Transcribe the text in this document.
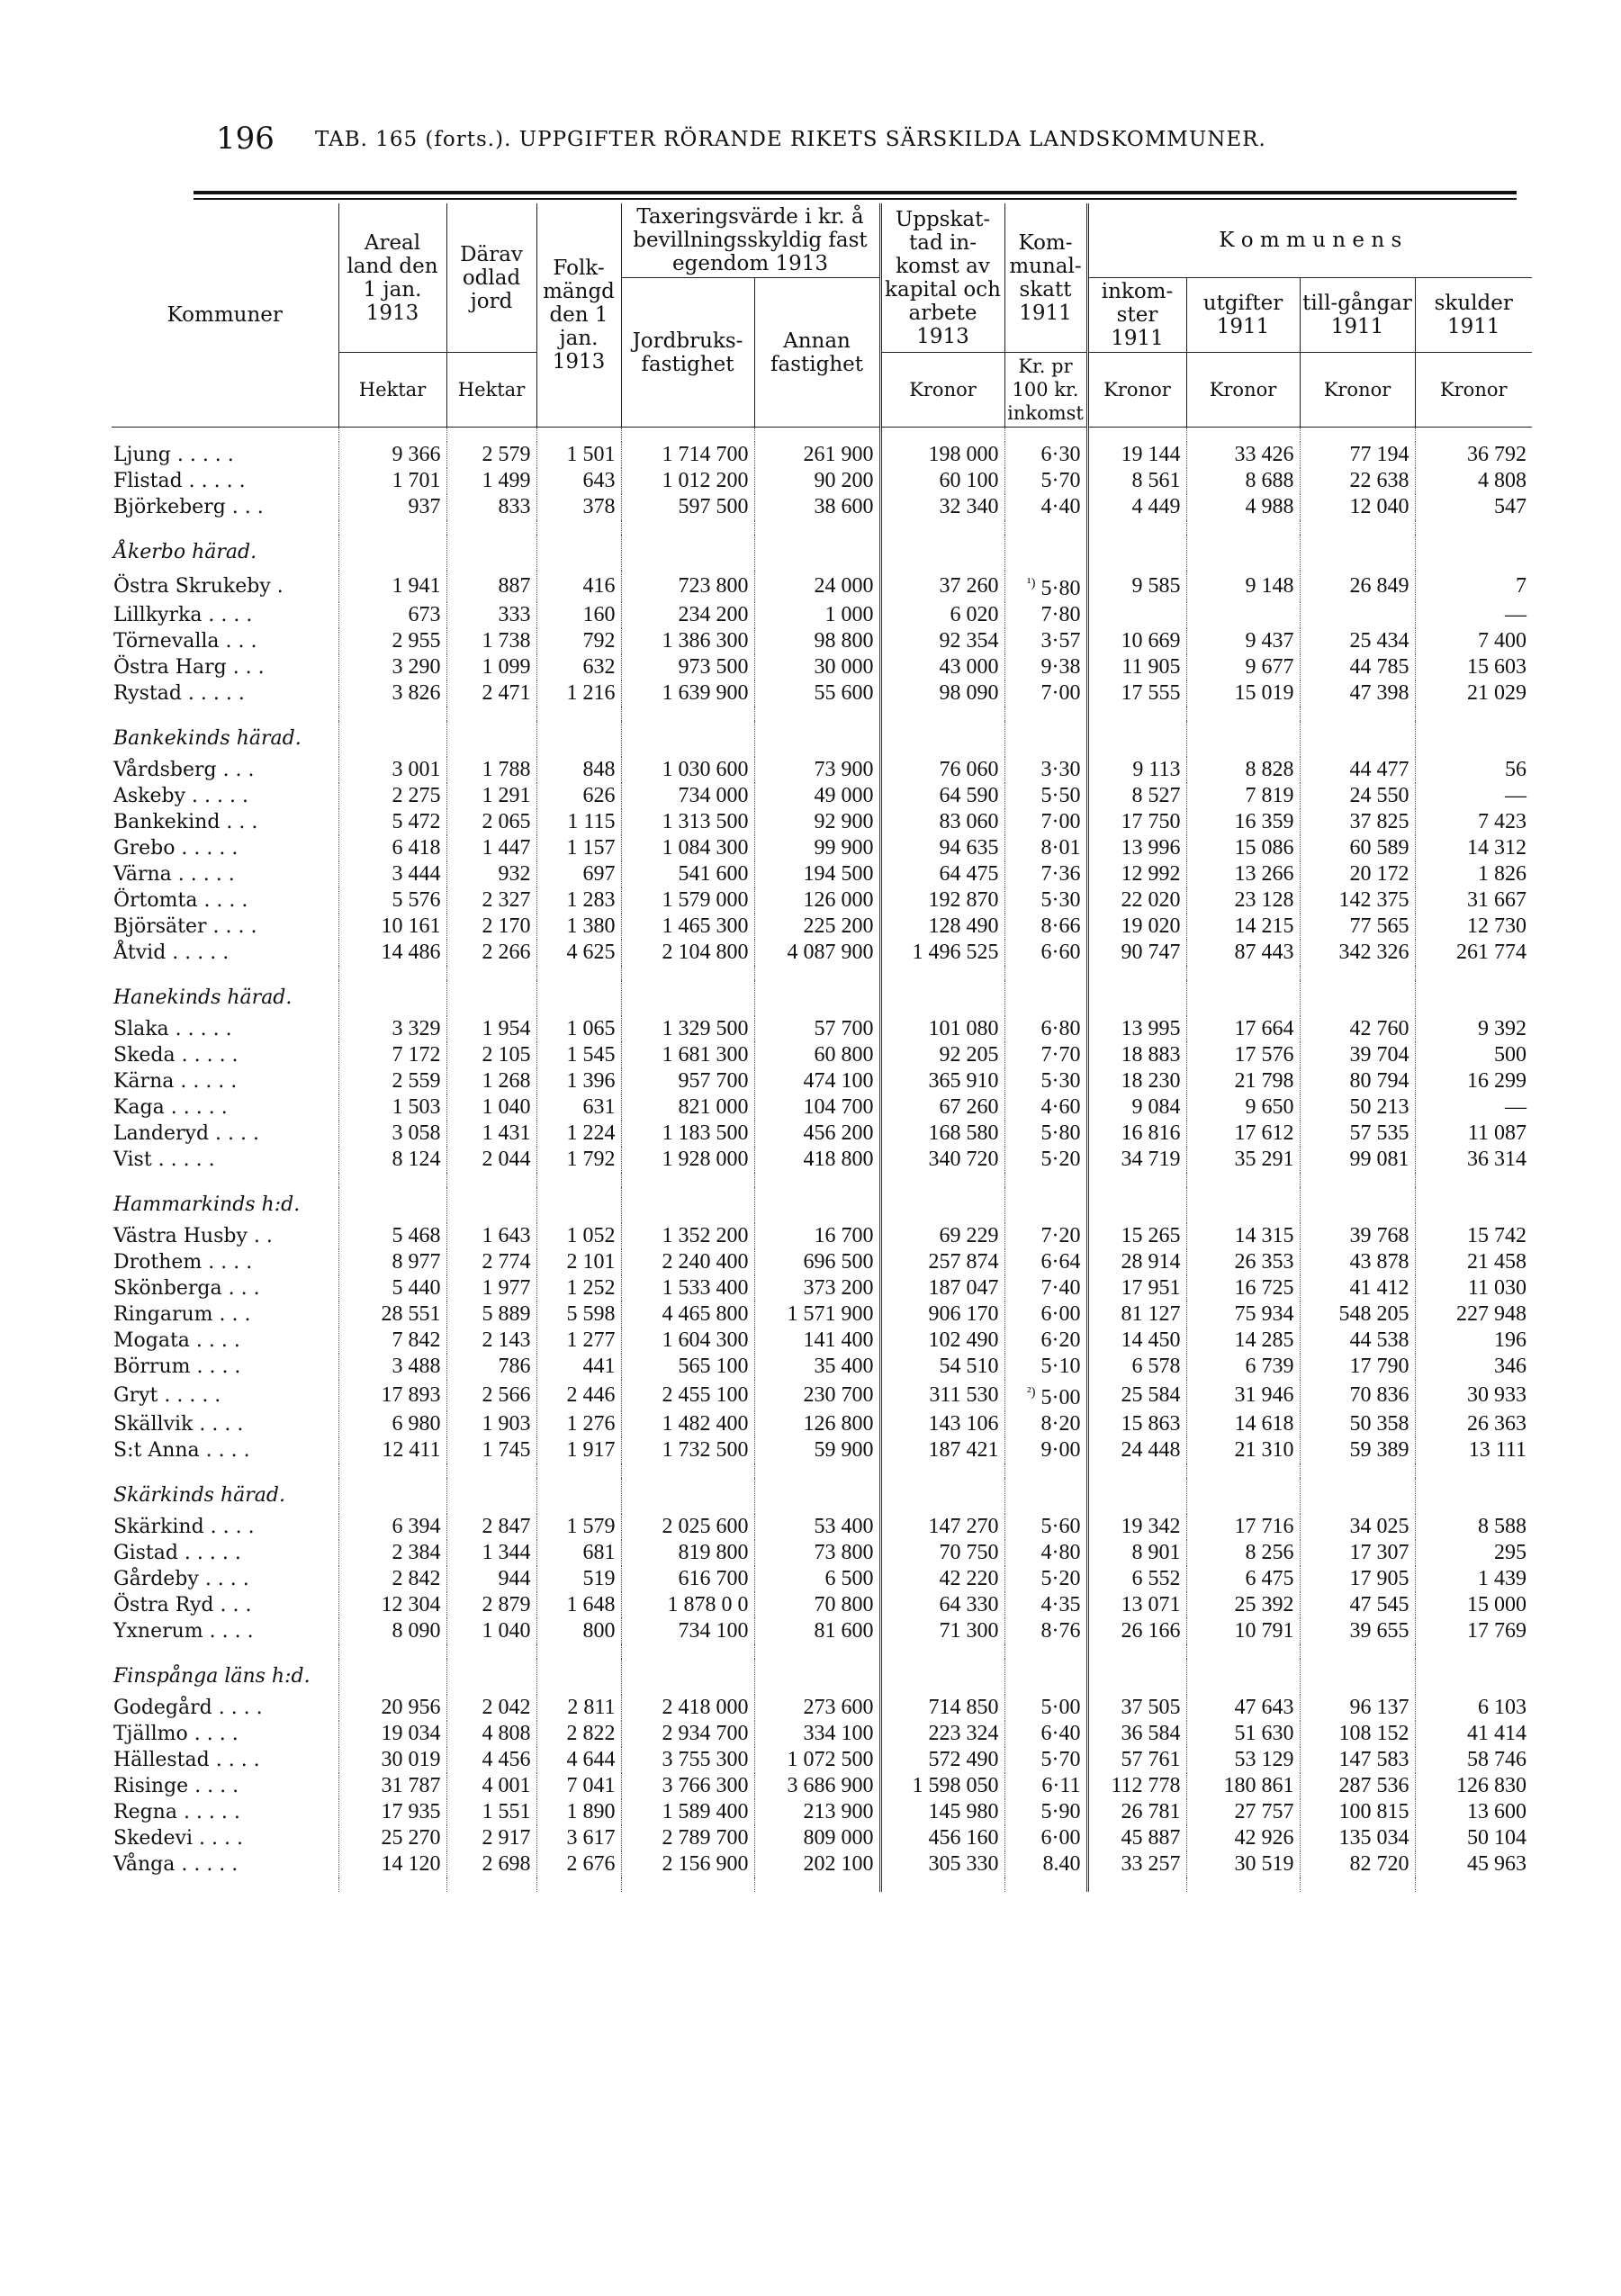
196 TAB. 165 (forts.). UPPGIFTER RÖRANDE RIKETS SÄRSKILDA LANDSKOMMUNER.
Kommuner	Areal land den 1 jan. 1913	Därav odlad jord	Folk-mängd den 1 jan. 1913	Taxeringsvärde i kr. å bevillningsskyldig fast egendom 1913		Uppskat-tad in-komst av kapital och arbete 1913	Kom-munal-skatt 1911	K o m m u n e n s			
				Jordbruks-fastighet	Annan fastighet			inkom-ster 1911	utgifter 1911	till-gångar 1911	skulder 1911
	Hektar	Hektar				Kronor	Kr. pr 100 kr. inkomst	Kronor	Kronor	Kronor	Kronor

Ljung . . . . .	9 366	2 579	1 501	1 714 700	261 900	198 000	6·30	19 144	33 426	77 194	36 792
Flistad . . . . .	1 701	1 499	643	1 012 200	90 200	60 100	5·70	8 561	8 688	22 638	4 808
Björkeberg . . .	937	833	378	597 500	38 600	32 340	4·40	4 449	4 988	12 040	547

Åkerbo härad.											
Östra Skrukeby .	1 941	887	416	723 800	24 000	37 260	$^{^1)}$ 5·80	9 585	9 148	26 849	7
Lillkyrka . . . .	673	333	160	234 200	1 000	6 020	7·80				—
Törnevalla . . .	2 955	1 738	792	1 386 300	98 800	92 354	3·57	10 669	9 437	25 434	7 400
Östra Harg . . .	3 290	1 099	632	973 500	30 000	43 000	9·38	11 905	9 677	44 785	15 603
Rystad . . . . .	3 826	2 471	1 216	1 639 900	55 600	98 090	7·00	17 555	15 019	47 398	21 029

Bankekinds härad.											
Vårdsberg . . .	3 001	1 788	848	1 030 600	73 900	76 060	3·30	9 113	8 828	44 477	56
Askeby . . . . .	2 275	1 291	626	734 000	49 000	64 590	5·50	8 527	7 819	24 550	—
Bankekind . . .	5 472	2 065	1 115	1 313 500	92 900	83 060	7·00	17 750	16 359	37 825	7 423
Grebo . . . . .	6 418	1 447	1 157	1 084 300	99 900	94 635	8·01	13 996	15 086	60 589	14 312
Värna . . . . .	3 444	932	697	541 600	194 500	64 475	7·36	12 992	13 266	20 172	1 826
Örtomta . . . .	5 576	2 327	1 283	1 579 000	126 000	192 870	5·30	22 020	23 128	142 375	31 667
Björsäter . . . .	10 161	2 170	1 380	1 465 300	225 200	128 490	8·66	19 020	14 215	77 565	12 730
Åtvid . . . . .	14 486	2 266	4 625	2 104 800	4 087 900	1 496 525	6·60	90 747	87 443	342 326	261 774

Hanekinds härad.											
Slaka . . . . .	3 329	1 954	1 065	1 329 500	57 700	101 080	6·80	13 995	17 664	42 760	9 392
Skeda . . . . .	7 172	2 105	1 545	1 681 300	60 800	92 205	7·70	18 883	17 576	39 704	500
Kärna . . . . .	2 559	1 268	1 396	957 700	474 100	365 910	5·30	18 230	21 798	80 794	16 299
Kaga . . . . .	1 503	1 040	631	821 000	104 700	67 260	4·60	9 084	9 650	50 213	—
Landeryd . . . .	3 058	1 431	1 224	1 183 500	456 200	168 580	5·80	16 816	17 612	57 535	11 087
Vist . . . . .	8 124	2 044	1 792	1 928 000	418 800	340 720	5·20	34 719	35 291	99 081	36 314

Hammarkinds h:d.											
Västra Husby . .	5 468	1 643	1 052	1 352 200	16 700	69 229	7·20	15 265	14 315	39 768	15 742
Drothem . . . .	8 977	2 774	2 101	2 240 400	696 500	257 874	6·64	28 914	26 353	43 878	21 458
Skönberga . . .	5 440	1 977	1 252	1 533 400	373 200	187 047	7·40	17 951	16 725	41 412	11 030
Ringarum . . .	28 551	5 889	5 598	4 465 800	1 571 900	906 170	6·00	81 127	75 934	548 205	227 948
Mogata . . . .	7 842	2 143	1 277	1 604 300	141 400	102 490	6·20	14 450	14 285	44 538	196
Börrum . . . .	3 488	786	441	565 100	35 400	54 510	5·10	6 578	6 739	17 790	346
Gryt . . . . .	17 893	2 566	2 446	2 455 100	230 700	311 530	$^{^2)}$ 5·00	25 584	31 946	70 836	30 933
Skällvik . . . .	6 980	1 903	1 276	1 482 400	126 800	143 106	8·20	15 863	14 618	50 358	26 363
S:t Anna . . . .	12 411	1 745	1 917	1 732 500	59 900	187 421	9·00	24 448	21 310	59 389	13 111

Skärkinds härad.											
Skärkind . . . .	6 394	2 847	1 579	2 025 600	53 400	147 270	5·60	19 342	17 716	34 025	8 588
Gistad . . . . .	2 384	1 344	681	819 800	73 800	70 750	4·80	8 901	8 256	17 307	295
Gårdeby . . . .	2 842	944	519	616 700	6 500	42 220	5·20	6 552	6 475	17 905	1 439
Östra Ryd . . .	12 304	2 879	1 648	1 878 0 0	70 800	64 330	4·35	13 071	25 392	47 545	15 000
Yxnerum . . . .	8 090	1 040	800	734 100	81 600	71 300	8·76	26 166	10 791	39 655	17 769

Finspånga läns h:d.											
Godegård . . . .	20 956	2 042	2 811	2 418 000	273 600	714 850	5·00	37 505	47 643	96 137	6 103
Tjällmo . . . .	19 034	4 808	2 822	2 934 700	334 100	223 324	6·40	36 584	51 630	108 152	41 414
Hällestad . . . .	30 019	4 456	4 644	3 755 300	1 072 500	572 490	5·70	57 761	53 129	147 583	58 746
Risinge . . . .	31 787	4 001	7 041	3 766 300	3 686 900	1 598 050	6·11	112 778	180 861	287 536	126 830
Regna . . . . .	17 935	1 551	1 890	1 589 400	213 900	145 980	5·90	26 781	27 757	100 815	13 600
Skedevi . . . .	25 270	2 917	3 617	2 789 700	809 000	456 160	6·00	45 887	42 926	135 034	50 104
Vånga . . . . .	14 120	2 698	2 676	2 156 900	202 100	305 330	8.40	33 257	30 519	82 720	45 963
